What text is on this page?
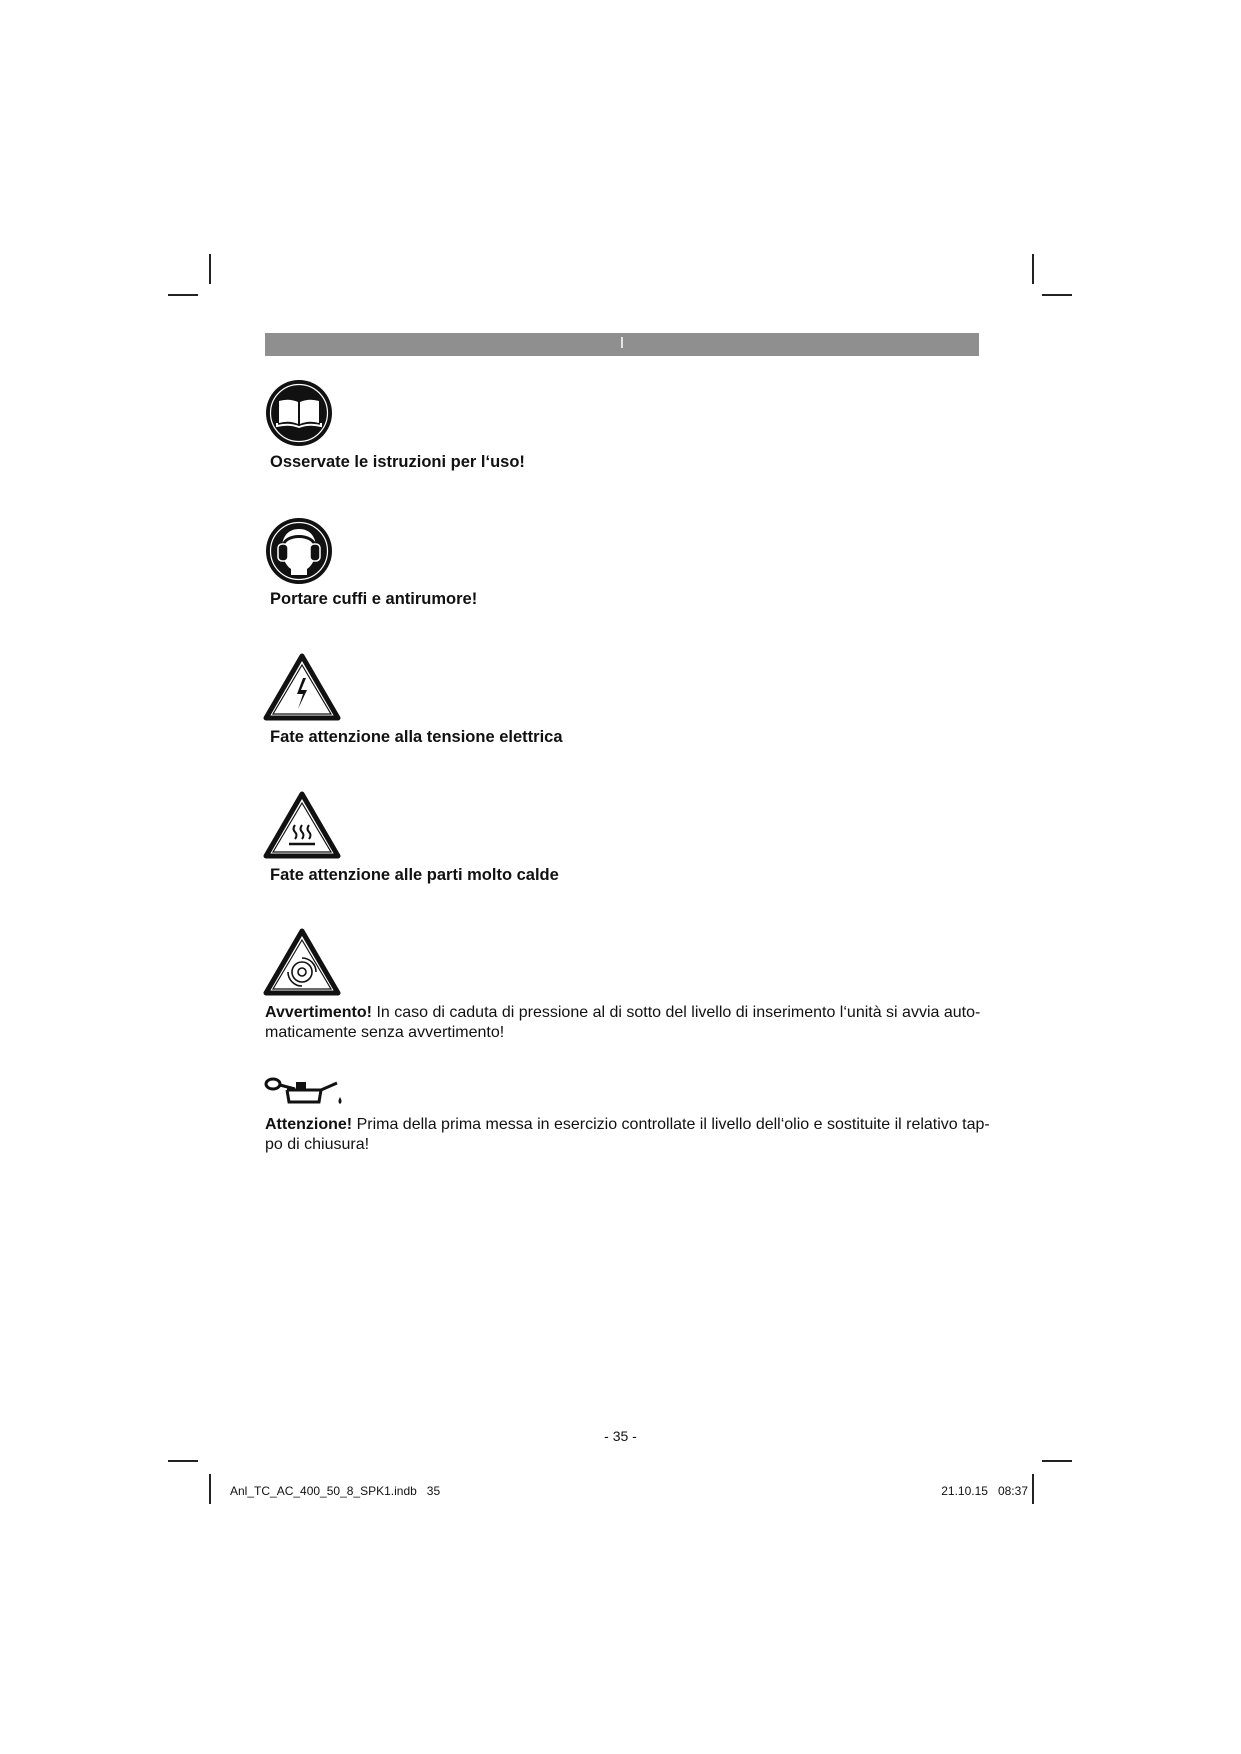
I
Osservate le istruzioni per l‘uso!
Portare cuffi e antirumore!
Fate attenzione alla tensione elettrica
Fate attenzione alle parti molto calde
Avvertimento! In caso di caduta di pressione al di sotto del livello di inserimento l‘unità si avvia auto-
maticamente senza avvertimento!
Attenzione! Prima della prima messa in esercizio controllate il livello dell‘olio e sostituite il relativo tap-
po di chiusura!
- 35 -
Anl_TC_AC_400_50_8_SPK1.indb   35	21.10.15   08:37
